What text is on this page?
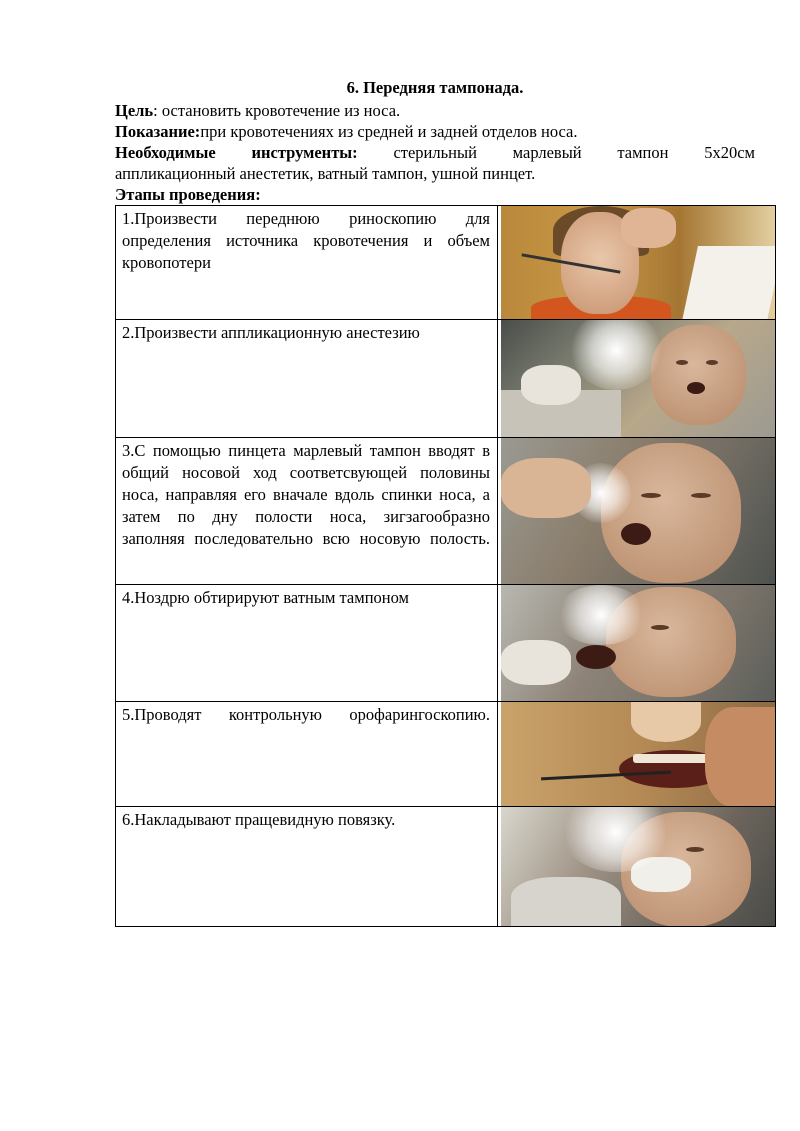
6. Передняя тампонада.
Цель: остановить кровотечение из носа.
Показание:при кровотечениях из средней и задней отделов носа.
Необходимые инструменты: стерильный марлевый тампон 5х20см
аппликационный анестетик, ватный тампон, ушной пинцет.
Этапы проведения:
1.Произвести переднюю риноскопию для определения источника кровотечения и объем кровопотери	

2.Произвести аппликационную анестезию	

3.С помощью пинцета марлевый тампон вводят в общий носовой ход соответсвующей половины носа, направляя его вначале вдоль спинки носа, а затем по дну полости носа, зигзагообразно заполняя последовательно всю носовую полость.	

4.Ноздрю обтирируют ватным тампоном	

5.Проводят контрольную орофарингоскопию.	

6.Накладывают пращевидную повязку.	
